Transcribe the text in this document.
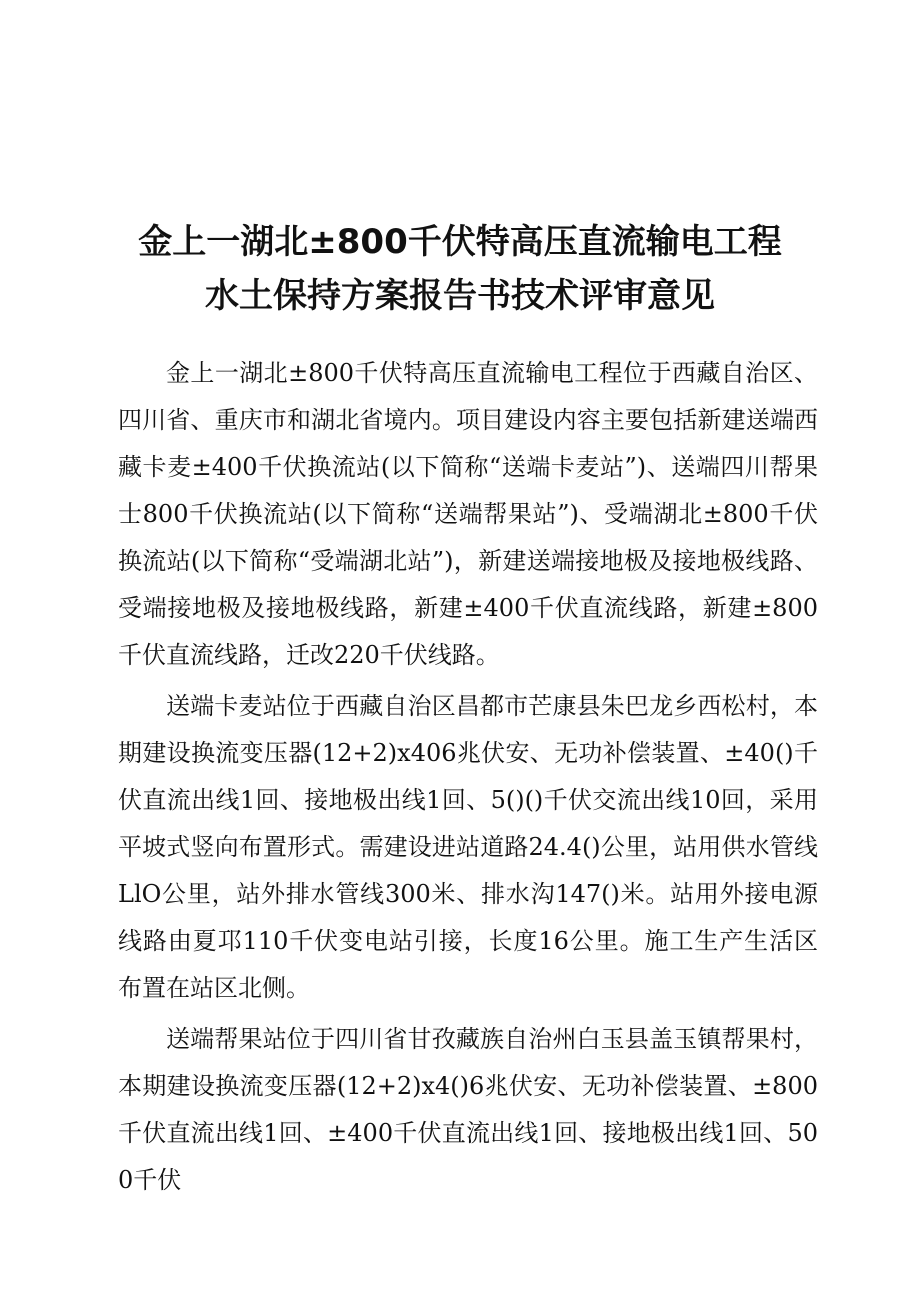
金上一湖北±800千伏特高压直流输电工程
水土保持方案报告书技术评审意见

金上一湖北±800千伏特高压直流输电工程位于西藏自治区、四川省、重庆市和湖北省境内。项目建设内容主要包括新建送端西藏卡麦±400千伏换流站(以下简称“送端卡麦站”)、送端四川帮果士800千伏换流站(以下简称“送端帮果站”)、受端湖北±800千伏换流站(以下简称“受端湖北站”)，新建送端接地极及接地极线路、受端接地极及接地极线路，新建±400千伏直流线路，新建±800千伏直流线路，迁改220千伏线路。

送端卡麦站位于西藏自治区昌都市芒康县朱巴龙乡西松村，本期建设换流变压器(12+2)x406兆伏安、无功补偿装置、±40()千伏直流出线1回、接地极出线1回、5()()千伏交流出线10回，采用平坡式竖向布置形式。需建设进站道路24.4()公里，站用供水管线LlO公里，站外排水管线300米、排水沟147()米。站用外接电源线路由夏邛110千伏变电站引接，长度16公里。施工生产生活区布置在站区北侧。

送端帮果站位于四川省甘孜藏族自治州白玉县盖玉镇帮果村，本期建设换流变压器(12+2)x4()6兆伏安、无功补偿装置、±800千伏直流出线1回、±400千伏直流出线1回、接地极出线1回、500千伏
